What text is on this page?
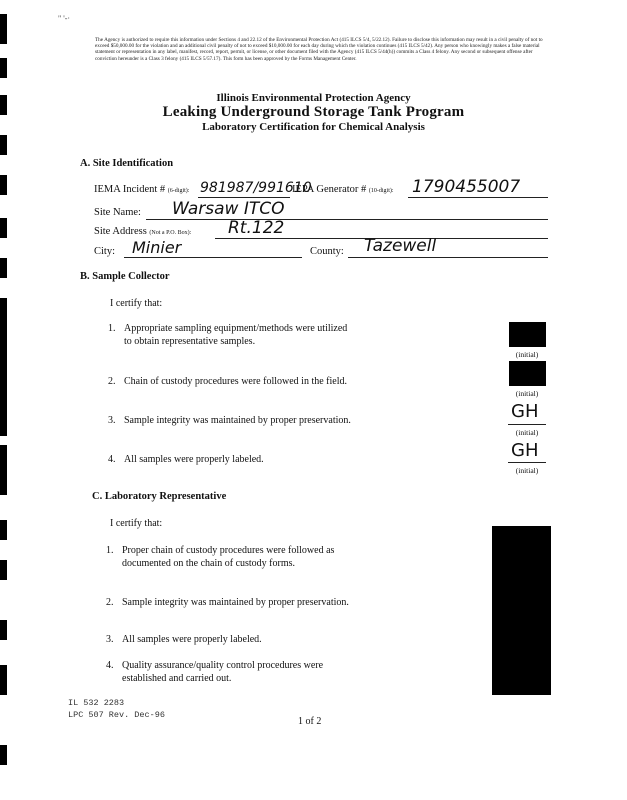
" '-·
The Agency is authorized to require this information under Sections 4 and 22.12 of the Environmental Protection Act (415 ILCS 5/4, 5/22.12). Failure to disclose this information may result in a civil penalty of not to exceed $50,000.00 for the violation and an additional civil penalty of not to exceed $10,000.00 for each day during which the violation continues (415 ILCS 5/42). Any person who knowingly makes a false material statement or representation in any label, manifest, record, report, permit, or license, or other document filed with the Agency (415 ILCS 5/44(h)) commits a Class 4 felony. Any second or subsequent offense after conviction hereunder is a Class 3 felony (415 ILCS 5/57.17). This form has been approved by the Forms Management Center.
Illinois Environmental Protection Agency
Leaking Underground Storage Tank Program
Laboratory Certification for Chemical Analysis
A. Site Identification
IEMA Incident # (6-digit): 981987/991610
IEPA Generator # (10-digit): 1790455007
Site Name: Warsaw ITCO
Site Address (Not a P.O. Box): Rt.122
City: Minier	County: Tazewell
B. Sample Collector
I certify that:
1. Appropriate sampling equipment/methods were utilized
to obtain representative samples.
2. Chain of custody procedures were followed in the field.
3. Sample integrity was maintained by proper preservation.
4. All samples were properly labeled.
(initial)
(initial)
GH
(initial)
GH
(initial)
C. Laboratory Representative
I certify that:
1. Proper chain of custody procedures were followed as
documented on the chain of custody forms.
2. Sample integrity was maintained by proper preservation.
3. All samples were properly labeled.
4. Quality assurance/quality control procedures were
established and carried out.
IL 532 2283
LPC 507 Rev. Dec-96
1 of 2
